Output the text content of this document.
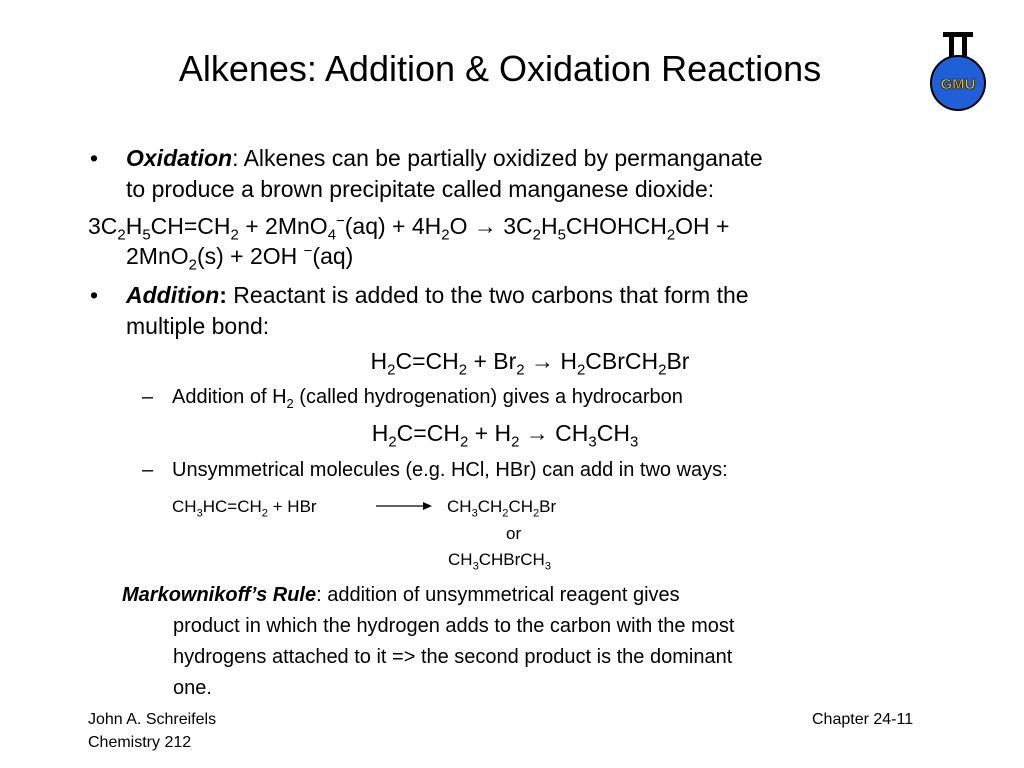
Alkenes: Addition & Oxidation Reactions	GMU
• Oxidation: Alkenes can be partially oxidized by permanganate
to produce a brown precipitate called manganese dioxide:
$3C_2H_5CH=CH_2 + 2MnO_4^-(aq) + 4H_2O$ → $3C_2H_5CHOHCH_2OH$ +
2MnO$_2$(s) + 2OH −(aq)
• Addition: Reactant is added to the two carbons that form the
multiple bond:
$H_2C=CH_2 + Br_2$ → $H_2CBrCH_2Br$
– Addition of $H_2$ (called hydrogenation) gives a hydrocarbon
$H_2C=CH_2 + H_2 \to CH_3CH_3$
– Unsymmetrical molecules (e.g. HCl, HBr) can add in two ways:
$CH_3HC=CH_2$ + HBr	→ $CH_3CH_2CH_2Br$
or
$CH_3CHBrCH_3$
Markownikoff’s Rule: addition of unsymmetrical reagent gives
product in which the hydrogen adds to the carbon with the most
hydrogens attached to it => the second product is the dominant
one.
John A. Schreifels
Chemistry 212
Chapter 24-11
